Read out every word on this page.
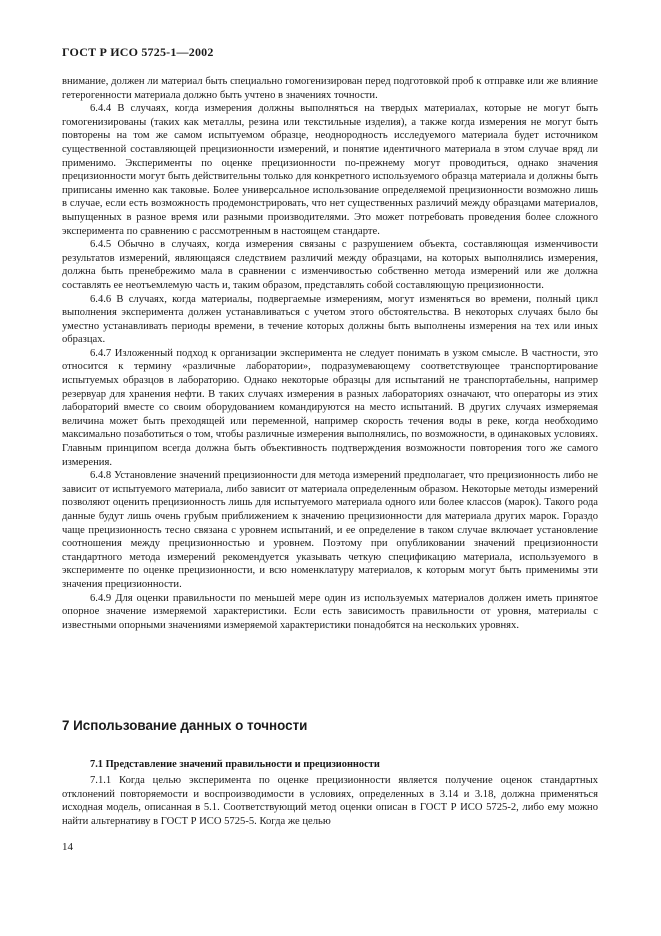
ГОСТ Р ИСО 5725-1—2002

внимание, должен ли материал быть специально гомогенизирован перед подготовкой проб к отправке или же влияние гетерогенности материала должно быть учтено в значениях точности.

6.4.4 В случаях, когда измерения должны выполняться на твердых материалах, которые не могут быть гомогенизированы (таких как металлы, резина или текстильные изделия), а также когда измерения не могут быть повторены на том же самом испытуемом образце, неоднородность исследуемого материала будет источником существенной составляющей прецизионности измерений, и понятие идентичного материала в этом случае вряд ли применимо. Эксперименты по оценке прецизионности по-прежнему могут проводиться, однако значения прецизионности могут быть действительны только для конкретного используемого образца материала и должны быть приписаны именно как таковые. Более универсальное использование определяемой прецизионности возможно лишь в случае, если есть возможность продемонстрировать, что нет существенных различий между образцами материалов, выпущенных в разное время или разными производителями. Это может потребовать проведения более сложного эксперимента по сравнению с рассмотренным в настоящем стандарте.

6.4.5 Обычно в случаях, когда измерения связаны с разрушением объекта, составляющая изменчивости результатов измерений, являющаяся следствием различий между образцами, на которых выполнялись измерения, должна быть пренебрежимо мала в сравнении с изменчивостью собственно метода измерений или же должна составлять ее неотъемлемую часть и, таким образом, представлять собой составляющую прецизионности.

6.4.6 В случаях, когда материалы, подвергаемые измерениям, могут изменяться во времени, полный цикл выполнения эксперимента должен устанавливаться с учетом этого обстоятельства. В некоторых случаях было бы уместно устанавливать периоды времени, в течение которых должны быть выполнены измерения на тех или иных образцах.

6.4.7 Изложенный подход к организации эксперимента не следует понимать в узком смысле. В частности, это относится к термину «различные лаборатории», подразумевающему соответствующее транспортирование испытуемых образцов в лабораторию. Однако некоторые образцы для испытаний не транспортабельны, например резервуар для хранения нефти. В таких случаях измерения в разных лабораториях означают, что операторы из этих лабораторий вместе со своим оборудованием командируются на место испытаний. В других случаях измеряемая величина может быть преходящей или переменной, например скорость течения воды в реке, когда необходимо максимально позаботиться о том, чтобы различные измерения выполнялись, по возможности, в одинаковых условиях. Главным принципом всегда должна быть объективность подтверждения возможности повторения того же самого измерения.

6.4.8 Установление значений прецизионности для метода измерений предполагает, что прецизионность либо не зависит от испытуемого материала, либо зависит от материала определенным образом. Некоторые методы измерений позволяют оценить прецизионность лишь для испытуемого материала одного или более классов (марок). Такого рода данные будут лишь очень грубым приближением к значению прецизионности для материала других марок. Гораздо чаще прецизионность тесно связана с уровнем испытаний, и ее определение в таком случае включает установление соотношения между прецизионностью и уровнем. Поэтому при опубликовании значений прецизионности стандартного метода измерений рекомендуется указывать четкую спецификацию материала, используемого в эксперименте по оценке прецизионности, и всю номенклатуру материалов, к которым могут быть применимы эти значения прецизионности.

6.4.9 Для оценки правильности по меньшей мере один из используемых материалов должен иметь принятое опорное значение измеряемой характеристики. Если есть зависимость правильности от уровня, материалы с известными опорными значениями измеряемой характеристики понадобятся на нескольких уровнях.

7 Использование данных о точности
7.1 Представление значений правильности и прецизионности

7.1.1 Когда целью эксперимента по оценке прецизионности является получение оценок стандартных отклонений повторяемости и воспроизводимости в условиях, определенных в 3.14 и 3.18, должна применяться исходная модель, описанная в 5.1. Соответствующий метод оценки описан в ГОСТ Р ИСО 5725-2, либо ему можно найти альтернативу в ГОСТ Р ИСО 5725-5. Когда же целью

14
